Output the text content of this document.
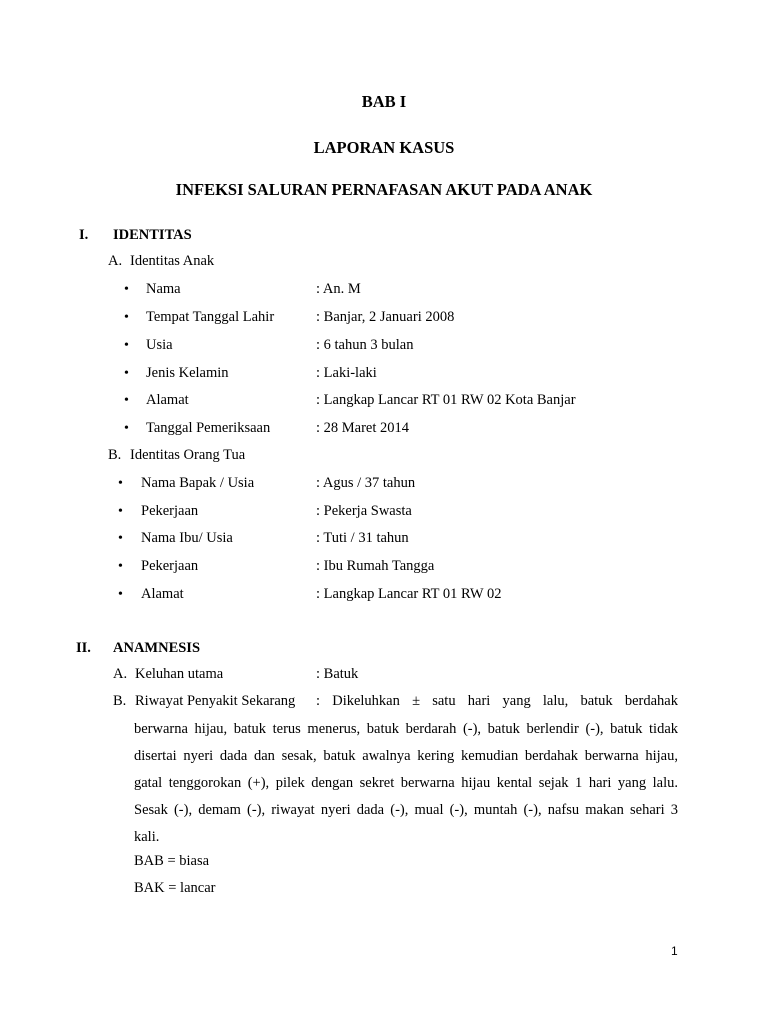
BAB I
LAPORAN KASUS
INFEKSI SALURAN PERNAFASAN AKUT PADA ANAK
I. IDENTITAS
A. Identitas Anak
• Nama	: An. M
• Tempat Tanggal Lahir	: Banjar, 2 Januari 2008
• Usia	: 6 tahun 3 bulan
• Jenis Kelamin	: Laki-laki
• Alamat	: Langkap Lancar RT 01 RW 02 Kota Banjar
• Tanggal Pemeriksaan	: 28 Maret 2014
B. Identitas Orang Tua
• Nama Bapak / Usia	: Agus / 37 tahun
• Pekerjaan	: Pekerja Swasta
• Nama Ibu/ Usia	: Tuti / 31 tahun
• Pekerjaan	: Ibu Rumah Tangga
• Alamat	: Langkap Lancar RT 01 RW 02
II. ANAMNESIS
A. Keluhan utama	: Batuk
B. Riwayat Penyakit Sekarang : Dikeluhkan ± satu hari yang lalu, batuk berdahak
berwarna hijau, batuk terus menerus, batuk berdarah (-), batuk berlendir (-), batuk tidak
disertai nyeri dada dan sesak, batuk awalnya kering kemudian berdahak berwarna hijau,
gatal tenggorokan (+), pilek dengan sekret berwarna hijau kental sejak 1 hari yang lalu.
Sesak (-), demam (-), riwayat nyeri dada (-), mual (-), muntah (-), nafsu makan sehari 3
kali.
BAB = biasa
BAK = lancar
1
